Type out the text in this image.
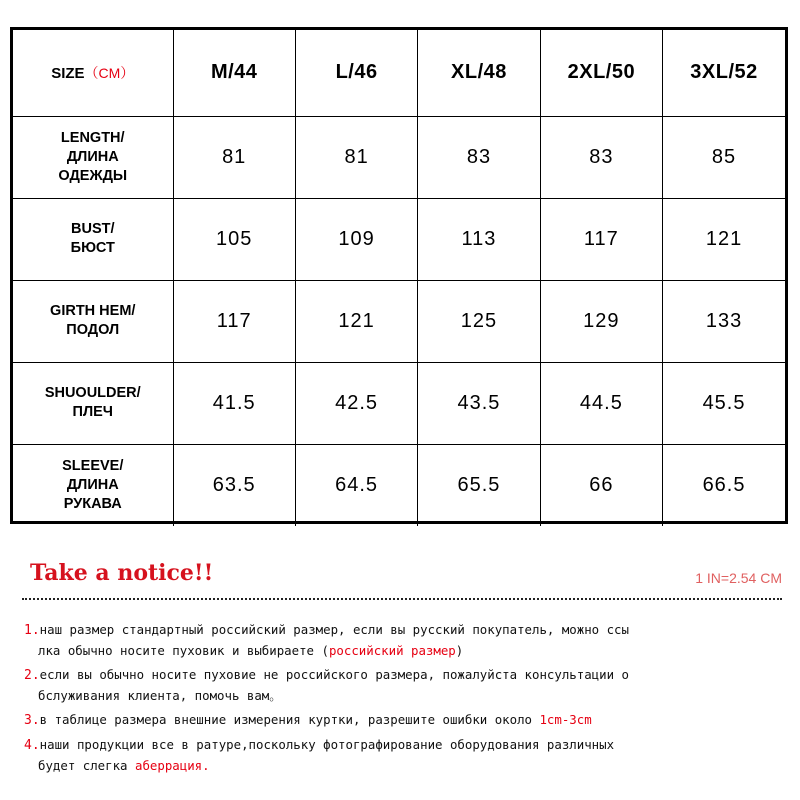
SIZE（CM）	M/44	L/46	XL/48	2XL/50	3XL/52

LENGTH/
ДЛИНА
ОДЕЖДЫ	81	81	83	83	85

BUST/
БЮСТ	105	109	113	117	121

GIRTH HEM/
ПОДОЛ	117	121	125	129	133

SHUOULDER/
ПЛЕЧ	41.5	42.5	43.5	44.5	45.5

SLEEVE/
ДЛИНА
РУКАВА	63.5	64.5	65.5	66	66.5
Take a notice!!	1 IN=2.54 CM
1.наш размер стандартный российский размер, если вы русский покупатель, можно ссы
лка обычно носите пуховик и выбираете (российский размер)
2.если вы обычно носите пуховие не российского размера, пожалуйста консультации о
бслуживания клиента, помочь вам。
3.в таблице размера внешние измерения куртки, разрешите ошибки около 1cm-3cm
4.наши продукции все в ратуре,поскольку фотографирование оборудования различных
будет слегка аберрация.
